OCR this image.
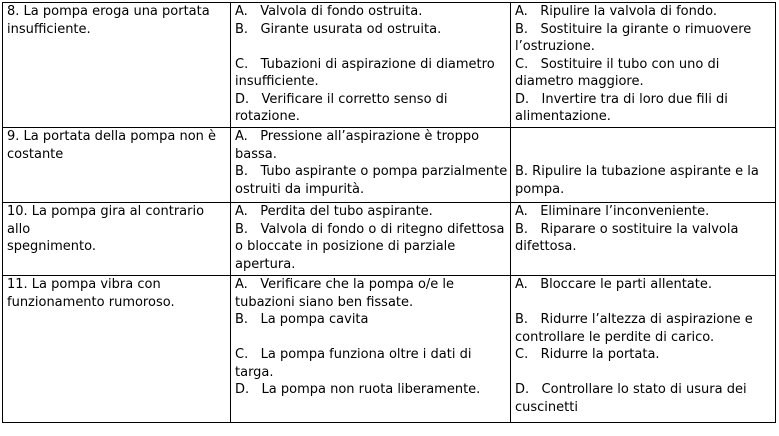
8. La pompa eroga una portata insufficiente.	A.   Valvola di fondo ostruita.
B.   Girante usurata od ostruita.
C.   Tubazioni di aspirazione di diametro insufficiente.
D.   Verificare il corretto senso di rotazione.	A.   Ripulire la valvola di fondo.
B.   Sostituire la girante o rimuovere l’ostruzione.
C.   Sostituire il tubo con uno di diametro maggiore.
D.   Invertire tra di loro due fili di alimentazione.

9. La portata della pompa non è costante	A.   Pressione all’aspirazione è troppo bassa.
B.   Tubo aspirante o pompa parzialmente ostruiti da impurità.	B. Ripulire la tubazione aspirante e la pompa.

10. La pompa gira al contrario
allo
spegnimento.	A.   Perdita del tubo aspirante.
B.   Valvola di fondo o di ritegno difettosa o bloccate in posizione di parziale apertura.	A.   Eliminare l’inconveniente.
B.   Riparare o sostituire la valvola difettosa.

11. La pompa vibra con funzionamento rumoroso.	A.   Verificare che la pompa o/e le tubazioni siano ben fissate.
B.   La pompa cavita
C.   La pompa funziona oltre i dati di targa.
D.   La pompa non ruota liberamente.	A.   Bloccare le parti allentate.
B.   Ridurre l’altezza di aspirazione e controllare le perdite di carico.
C.   Ridurre la portata.
D.   Controllare lo stato di usura dei cuscinetti
